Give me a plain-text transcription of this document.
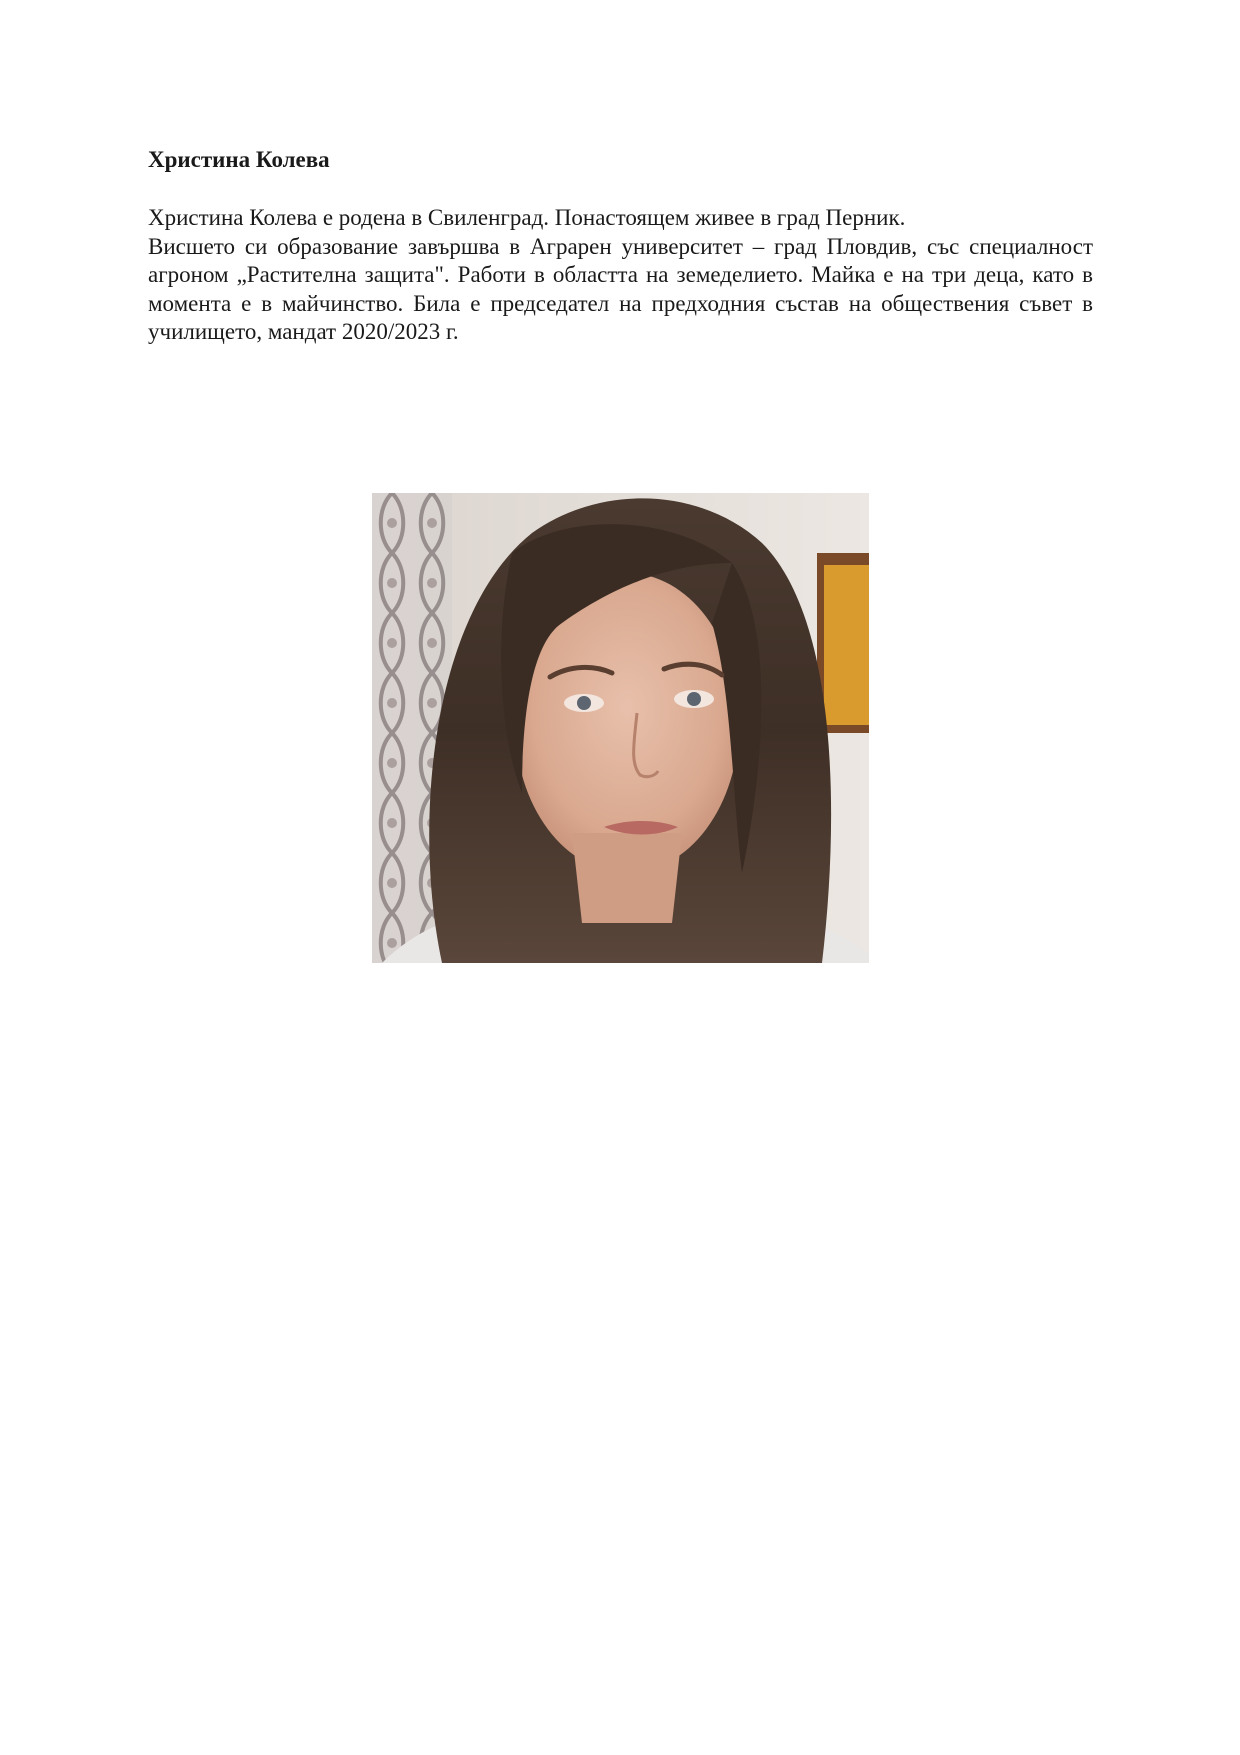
Христина Колева

Христина Колева е родена в Свиленград. Понастоящем живее в град Перник.

Висшето си образование завършва в Аграрен университет – град Пловдив, със специалност агроном „Растителна защита". Работи в областта на земеделието. Майка е на три деца, като в момента е в майчинство. Била е председател на предходния състав на обществения съвет в училището, мандат 2020/2023 г.
